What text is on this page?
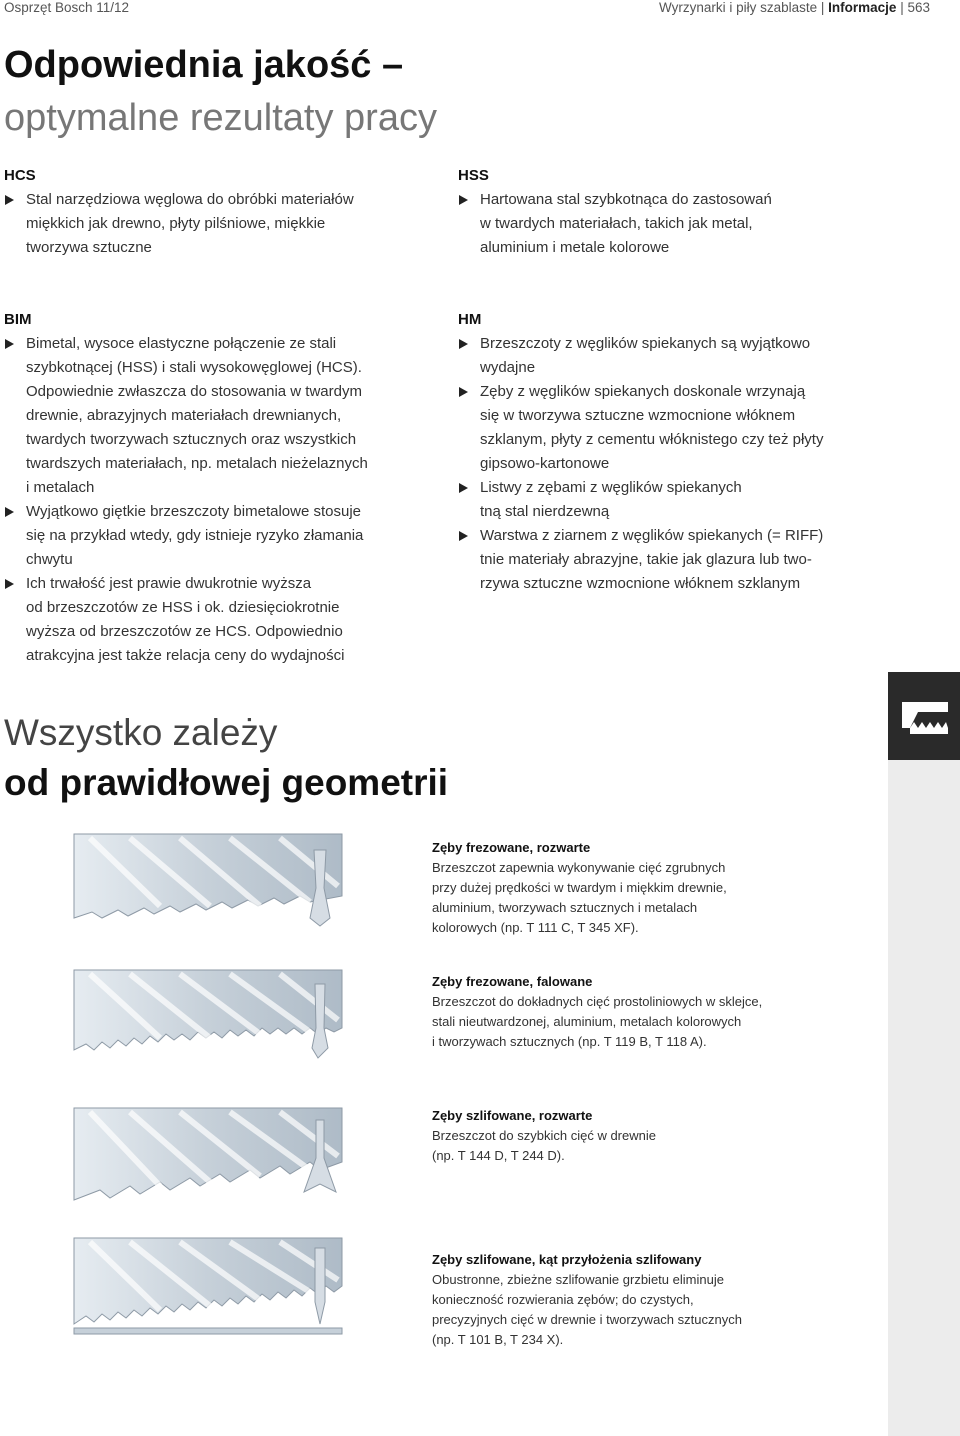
Osprzęt Bosch 11/12	Wyrzynarki i piły szablaste | Informacje | 563
Odpowiednia jakość –
optymalne rezultaty pracy
HCS
Stal narzędziowa węglowa do obróbki materiałów
miękkich jak drewno, płyty pilśniowe, miękkie
tworzywa sztuczne
HSS
Hartowana stal szybkotnąca do zastosowań
w twardych materiałach, takich jak metal,
aluminium i metale kolorowe
BIM
Bimetal, wysoce elastyczne połączenie ze stali
szybkotnącej (HSS) i stali wysokowęglowej (HCS).
Odpowiednie zwłaszcza do stosowania w twardym
drewnie, abrazyjnych materiałach drewnianych,
twardych tworzywach sztucznych oraz wszystkich
twardszych materiałach, np. metalach nieżelaznych
i metalach
Wyjątkowo giętkie brzeszczoty bimetalowe stosuje
się na przykład wtedy, gdy istnieje ryzyko złamania
chwytu
Ich trwałość jest prawie dwukrotnie wyższa
od brzeszczotów ze HSS i ok. dziesięciokrotnie
wyższa od brzeszczotów ze HCS. Odpowiednio
atrakcyjna jest także relacja ceny do wydajności
HM
Brzeszczoty z węglików spiekanych są wyjątkowo
wydajne
Zęby z węglików spiekanych doskonale wrzynają
się w tworzywa sztuczne wzmocnione włóknem
szklanym, płyty z cementu włóknistego czy też płyty
gipsowo-kartonowe
Listwy z zębami z węglików spiekanych
tną stal nierdzewną
Warstwa z ziarnem z węglików spiekanych (= RIFF)
tnie materiały abrazyjne, takie jak glazura lub two-
rzywa sztuczne wzmocnione włóknem szklanym
Wszystko zależy
od prawidłowej geometrii
Zęby frezowane, rozwarte
Brzeszczot zapewnia wykonywanie cięć zgrubnych
przy dużej prędkości w twardym i miękkim drewnie,
aluminium, tworzywach sztucznych i metalach
kolorowych (np. T 111 C, T 345 XF).
Zęby frezowane, falowane
Brzeszczot do dokładnych cięć prostoliniowych w sklejce,
stali nieutwardzonej, aluminium, metalach kolorowych
i tworzywach sztucznych (np. T 119 B, T 118 A).
Zęby szlifowane, rozwarte
Brzeszczot do szybkich cięć w drewnie
(np. T 144 D, T 244 D).
Zęby szlifowane, kąt przyłożenia szlifowany
Obustronne, zbieżne szlifowanie grzbietu eliminuje
konieczność rozwierania zębów; do czystych,
precyzyjnych cięć w drewnie i tworzywach sztucznych
(np. T 101 B, T 234 X).
